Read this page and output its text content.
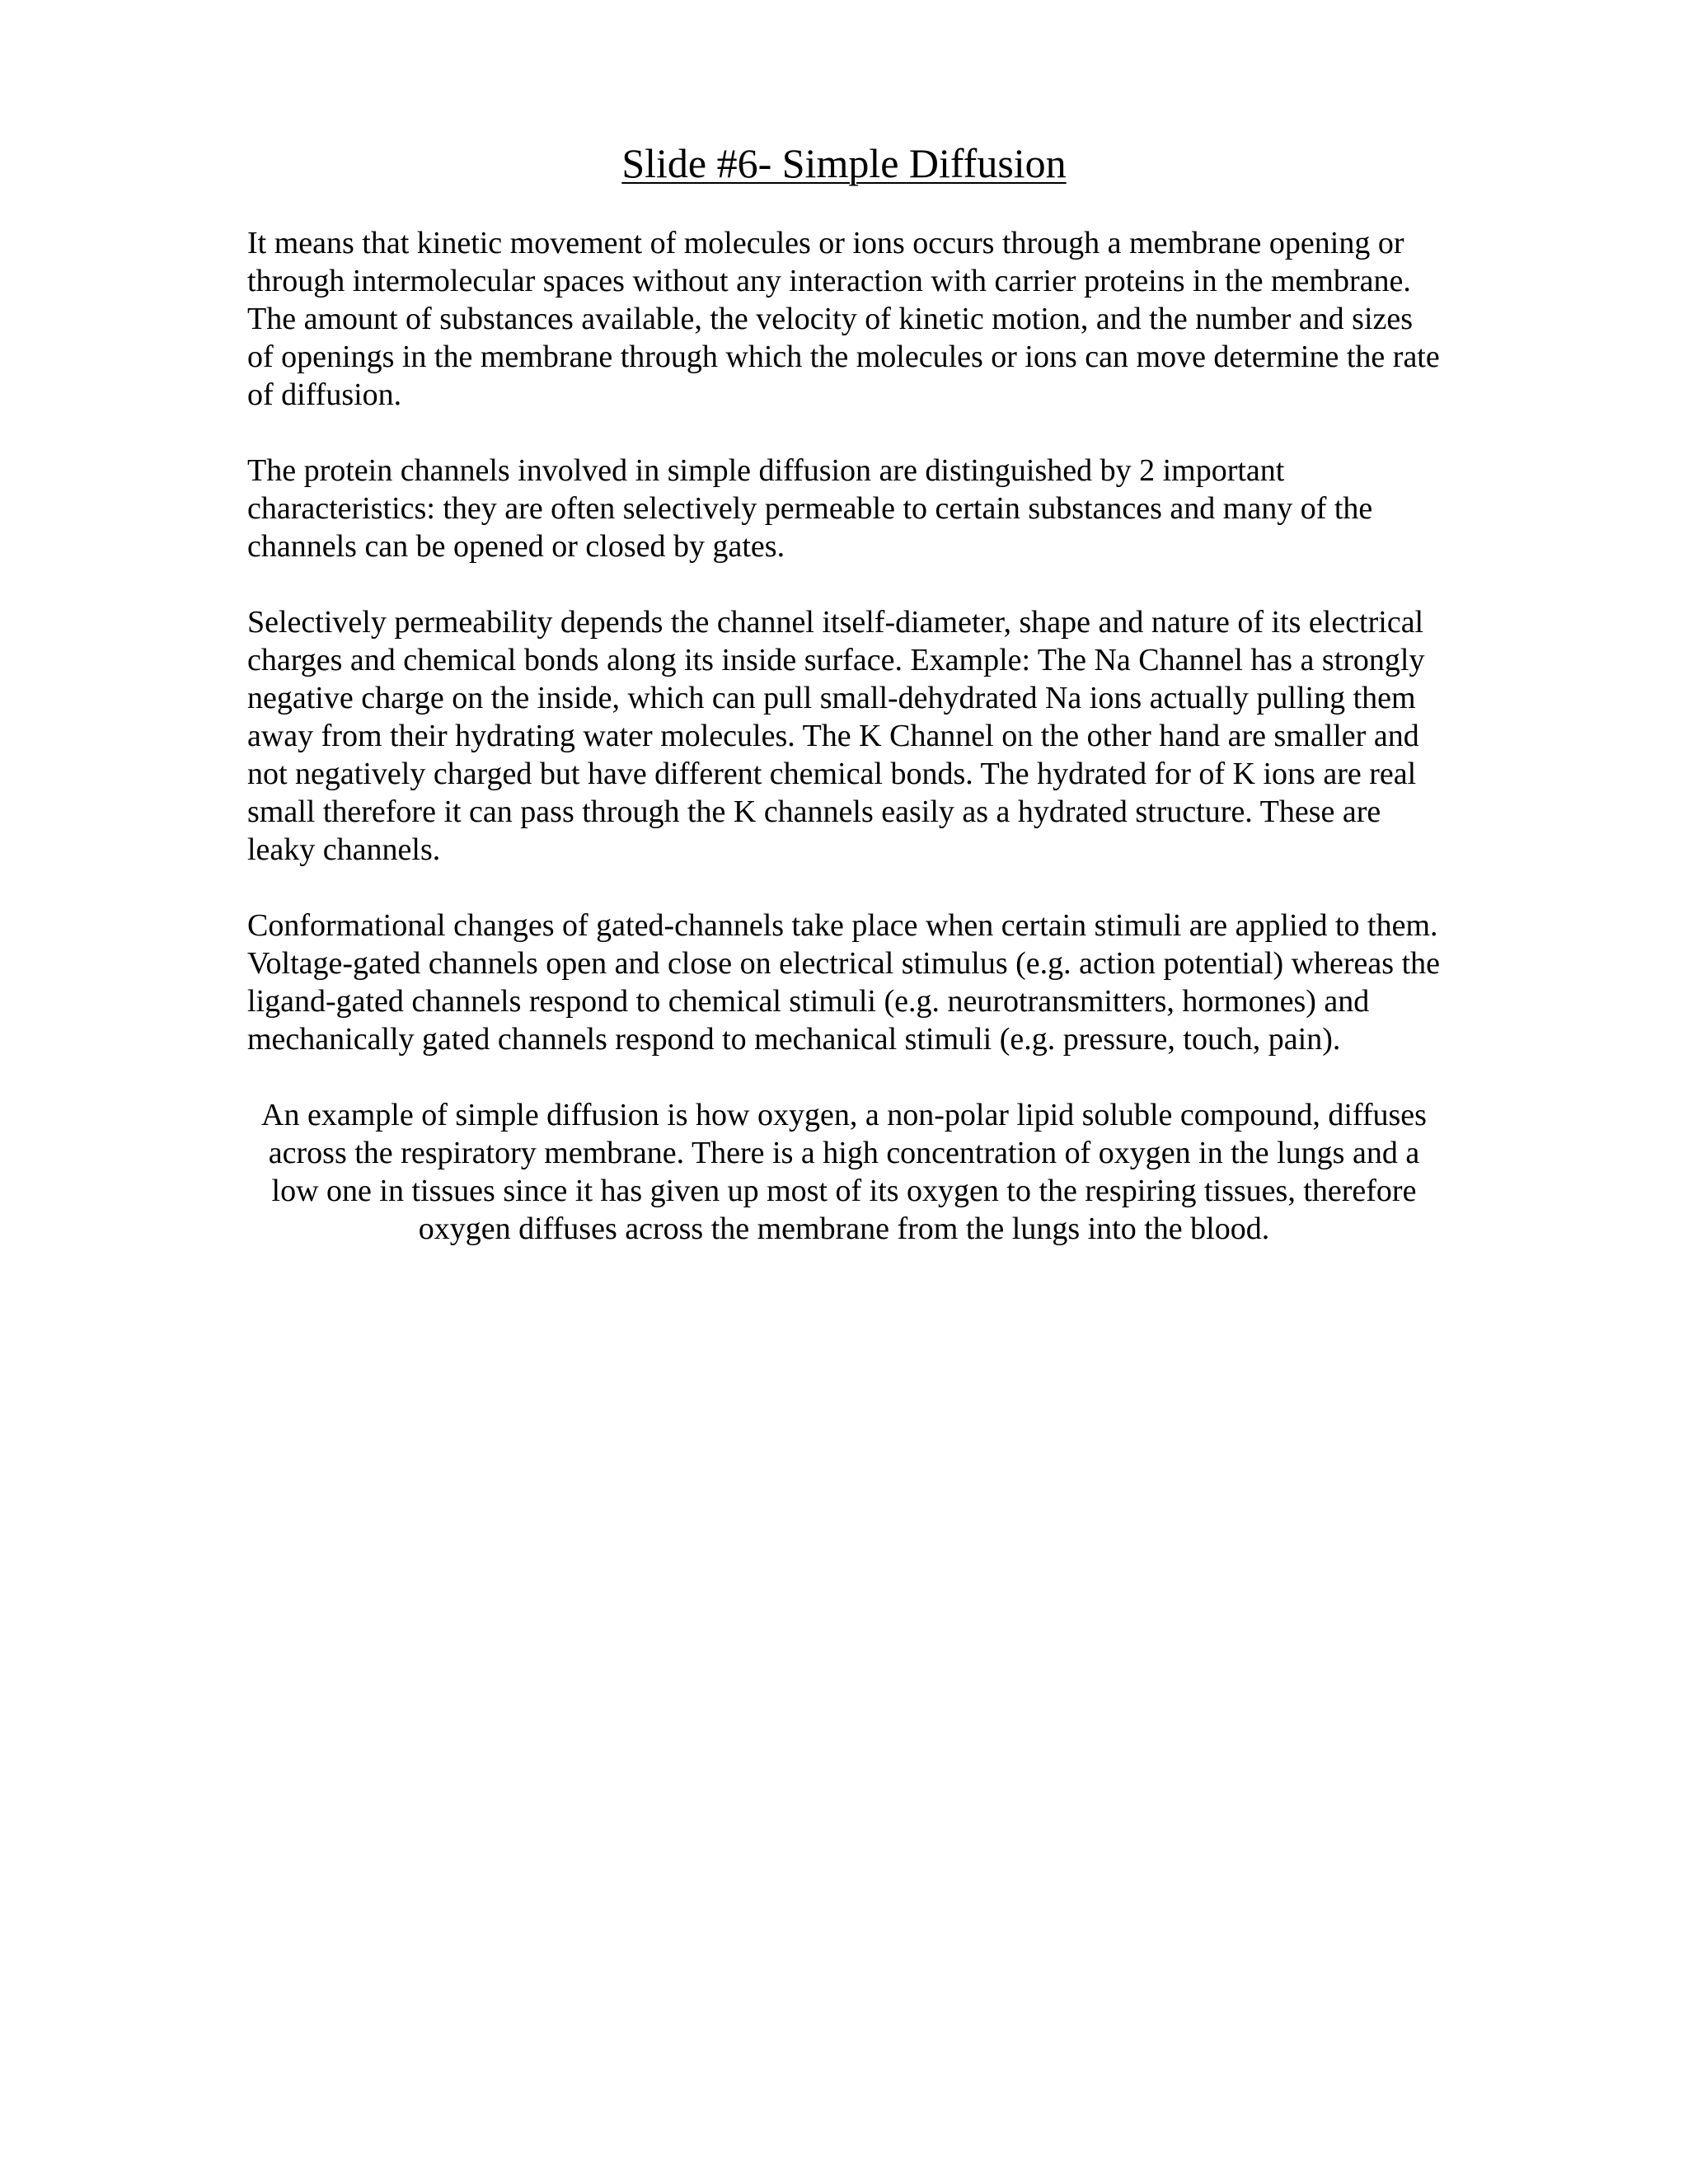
Slide #6- Simple Diffusion

It means that kinetic movement of molecules or ions occurs through a membrane opening or through intermolecular spaces without any interaction with carrier proteins in the membrane. The amount of substances available, the velocity of kinetic motion, and the number and sizes of openings in the membrane through which the molecules or ions can move determine the rate of diffusion.

The protein channels involved in simple diffusion are distinguished by 2 important characteristics: they are often selectively permeable to certain substances and many of the channels can be opened or closed by gates.

Selectively permeability depends the channel itself-diameter, shape and nature of its electrical charges and chemical bonds along its inside surface. Example: The Na Channel has a strongly negative charge on the inside, which can pull small-dehydrated Na ions actually pulling them away from their hydrating water molecules. The K Channel on the other hand are smaller and not negatively charged but have different chemical bonds. The hydrated for of K ions are real small therefore it can pass through the K channels easily as a hydrated structure. These are leaky channels.

Conformational changes of gated-channels take place when certain stimuli are applied to them. Voltage-gated channels open and close on electrical stimulus (e.g. action potential) whereas the ligand-gated channels respond to chemical stimuli (e.g. neurotransmitters, hormones) and mechanically gated channels respond to mechanical stimuli (e.g. pressure, touch, pain).

An example of simple diffusion is how oxygen, a non-polar lipid soluble compound, diffuses across the respiratory membrane. There is a high concentration of oxygen in the lungs and a low one in tissues since it has given up most of its oxygen to the respiring tissues, therefore oxygen diffuses across the membrane from the lungs into the blood.
